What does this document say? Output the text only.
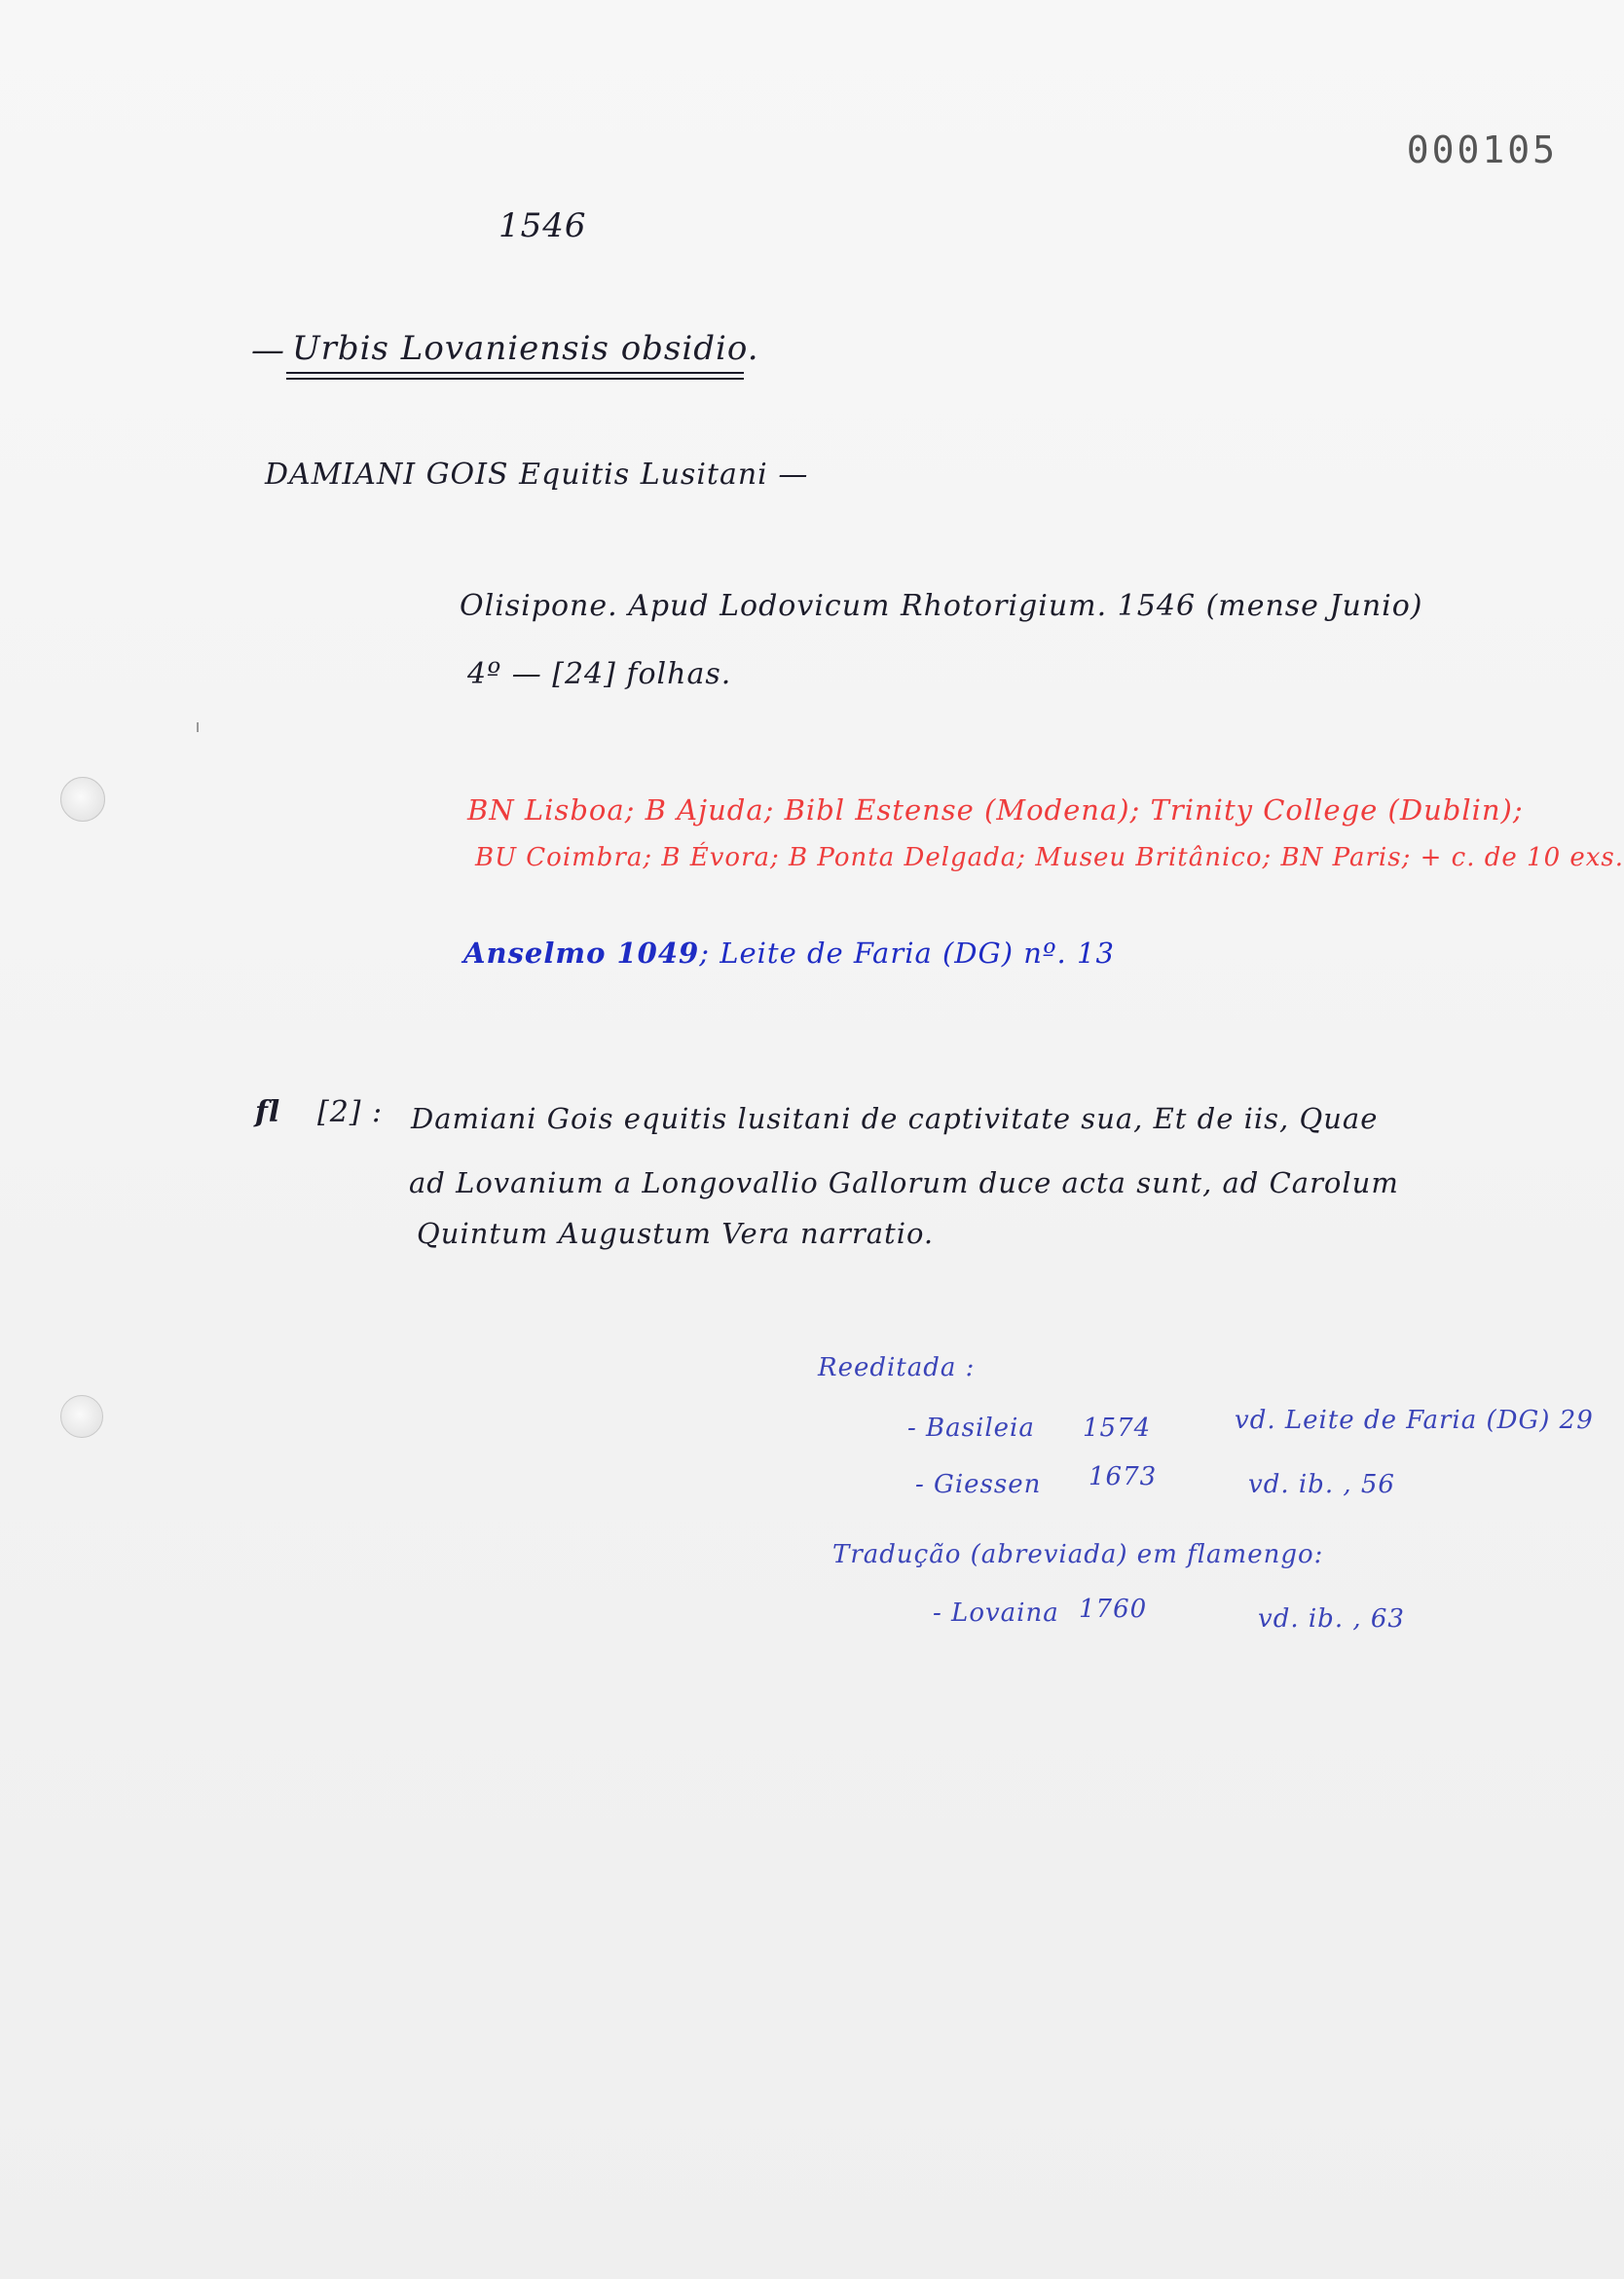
000105
1546
— Urbis Lovaniensis obsidio.
DAMIANI GOIS Equitis Lusitani —
Olisipone. Apud Lodovicum Rhotorigium. 1546 (mense Junio)
4º — [24] folhas.
BN Lisboa; B Ajuda; Bibl Estense (Modena); Trinity College (Dublin);
BU Coimbra; B Évora; B Ponta Delgada; Museu Britânico; BN Paris; + c. de 10 exs.
Anselmo 1049; Leite de Faria (DG) nº. 13
fl [2] : Damiani Gois equitis lusitani de captivitate sua, Et de iis, Quae
ad Lovanium a Longovallio Gallorum duce acta sunt, ad Carolum
Quintum Augustum Vera narratio.
Reeditada :
- Basileia 1574	vd. Leite de Faria (DG) 29
- Giessen 1673	vd. ib. , 56
Tradução (abreviada) em flamengo:
- Lovaina 1760	vd. ib. , 63
